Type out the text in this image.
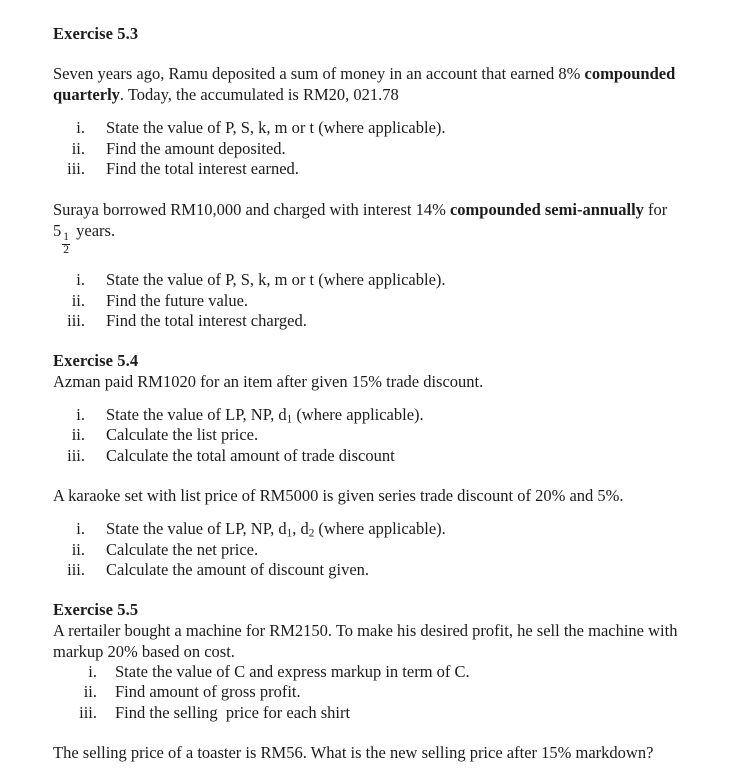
Exercise 5.3

Seven years ago, Ramu deposited a sum of money in an account that earned 8% compounded quarterly. Today, the accumulated is RM20, 021.78

i. State the value of P, S, k, m or t (where applicable).
ii. Find the amount deposited.
iii. Find the total interest earned.

Suraya borrowed RM10,000 and charged with interest 14% compounded semi-annually for

5
$\frac{1}{2}$
years.

i. State the value of P, S, k, m or t (where applicable).
ii. Find the future value.
iii. Find the total interest charged.

Exercise 5.4

Azman paid RM1020 for an item after given 15% trade discount.

i. State the value of LP, NP, $d_1$ (where applicable).
ii. Calculate the list price.
iii. Calculate the total amount of trade discount

A karaoke set with list price of RM5000 is given series trade discount of 20% and 5%.

i. State the value of LP, NP, $d_1$, $d_2$ (where applicable).
ii. Calculate the net price.
iii. Calculate the amount of discount given.

Exercise 5.5

A rertailer bought a machine for RM2150. To make his desired profit, he sell the machine with markup 20% based on cost.

i. State the value of C and express markup in term of C.
ii. Find amount of gross profit.
iii. Find the selling  price for each shirt

The selling price of a toaster is RM56. What is the new selling price after 15% markdown?
